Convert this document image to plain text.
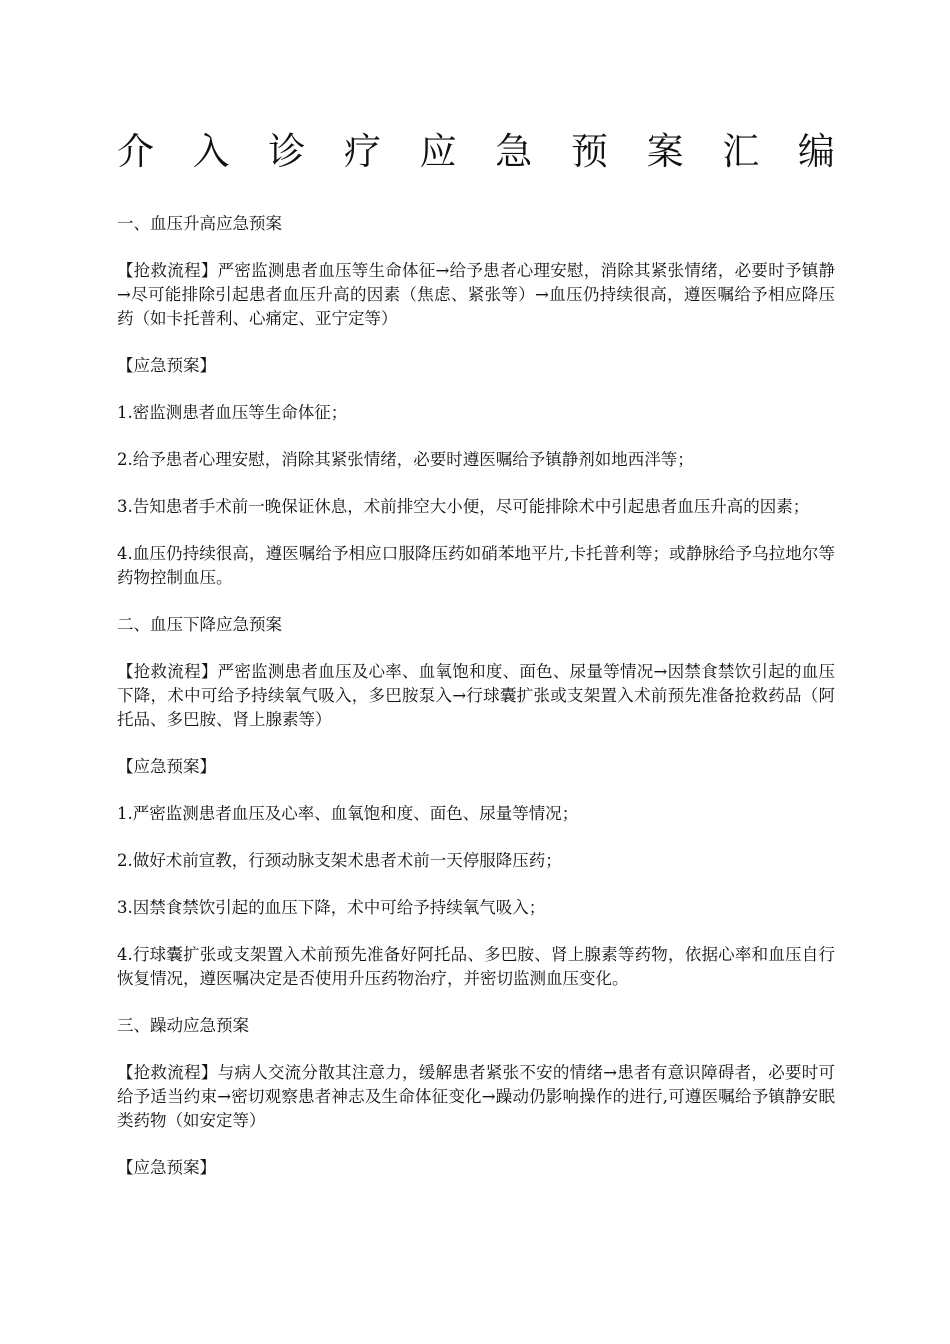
介 入 诊 疗 应 急 预 案 汇 编

一、血压升高应急预案

【抢救流程】严密监测患者血压等生命体征→给予患者心理安慰，消除其紧张情绪，必要时予镇静→尽可能排除引起患者血压升高的因素（焦虑、紧张等）→血压仍持续很高，遵医嘱给予相应降压药（如卡托普利、心痛定、亚宁定等）

【应急预案】

1.密监测患者血压等生命体征；

2.给予患者心理安慰，消除其紧张情绪，必要时遵医嘱给予镇静剂如地西泮等；

3.告知患者手术前一晚保证休息，术前排空大小便，尽可能排除术中引起患者血压升高的因素；

4.血压仍持续很高，遵医嘱给予相应口服降压药如硝苯地平片,卡托普利等；或静脉给予乌拉地尔等药物控制血压。

二、血压下降应急预案

【抢救流程】严密监测患者血压及心率、血氧饱和度、面色、尿量等情况→因禁食禁饮引起的血压下降，术中可给予持续氧气吸入，多巴胺泵入→行球囊扩张或支架置入术前预先准备抢救药品（阿托品、多巴胺、肾上腺素等）

【应急预案】

1.严密监测患者血压及心率、血氧饱和度、面色、尿量等情况；

2.做好术前宣教，行颈动脉支架术患者术前一天停服降压药；

3.因禁食禁饮引起的血压下降，术中可给予持续氧气吸入；

4.行球囊扩张或支架置入术前预先准备好阿托品、多巴胺、肾上腺素等药物，依据心率和血压自行恢复情况，遵医嘱决定是否使用升压药物治疗，并密切监测血压变化。

三、躁动应急预案

【抢救流程】与病人交流分散其注意力，缓解患者紧张不安的情绪→患者有意识障碍者，必要时可给予适当约束→密切观察患者神志及生命体征变化→躁动仍影响操作的进行,可遵医嘱给予镇静安眠类药物（如安定等）

【应急预案】
